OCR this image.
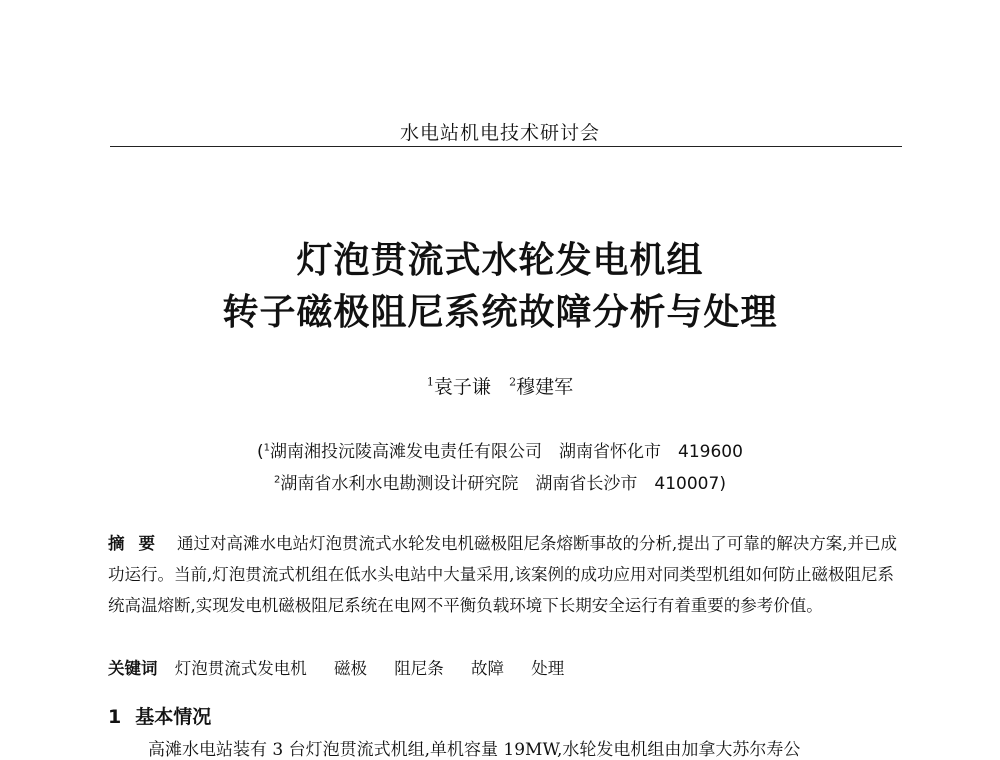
水电站机电技术研讨会
灯泡贯流式水轮发电机组
转子磁极阻尼系统故障分析与处理
$^1$袁子谦 $^2$穆建军
($^1$湖南湘投沅陵高滩发电责任有限公司　湖南省怀化市　419600
$^2$湖南省水利水电勘测设计研究院　湖南省长沙市　410007)
摘要 通过对高滩水电站灯泡贯流式水轮发电机磁极阻尼条熔断事故的分析,提出了可靠的解决方案,并已成功运行。当前,灯泡贯流式机组在低水头电站中大量采用,该案例的成功应用对同类型机组如何防止磁极阻尼系统高温熔断,实现发电机磁极阻尼系统在电网不平衡负载环境下长期安全运行有着重要的参考价值。
关键词 灯泡贯流式发电机 磁极 阻尼条 故障 处理
1 基本情况
高滩水电站装有 3 台灯泡贯流式机组,单机容量 19MW,水轮发电机组由加拿大苏尔寿公
